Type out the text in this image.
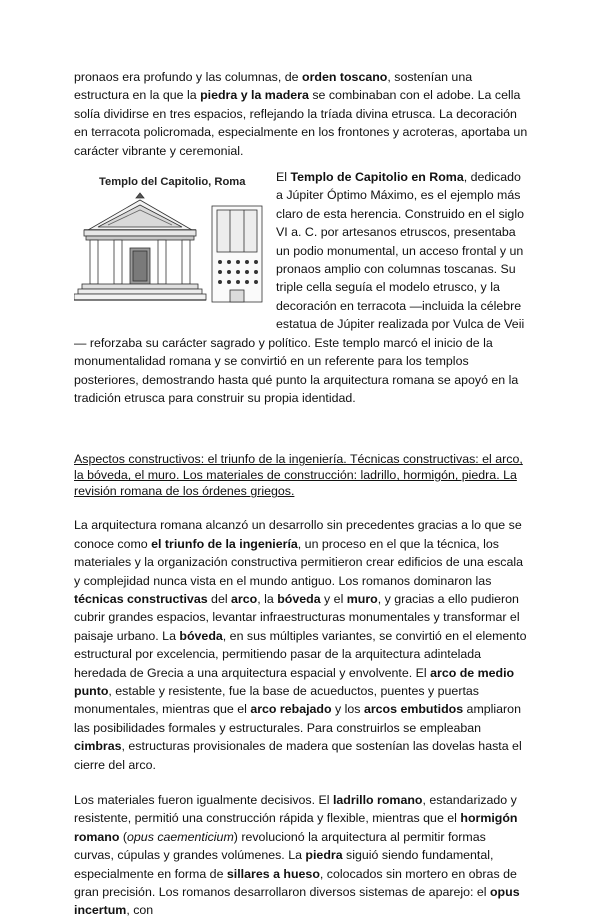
pronaos era profundo y las columnas, de orden toscano, sostenían una estructura en la que la piedra y la madera se combinaban con el adobe. La cella solía dividirse en tres espacios, reflejando la tríada divina etrusca. La decoración en terracota policromada, especialmente en los frontones y acroteras, aportaba un carácter vibrante y ceremonial.

Templo del Capitolio, Roma	El Templo de Capitolio en Roma, dedicado a Júpiter Óptimo Máximo, es el ejemplo más claro de esta herencia. Construido en el siglo VI a. C. por artesanos etruscos, presentaba un podio monumental, un acceso frontal y un pronaos amplio con columnas toscanas. Su triple cella seguía el modelo etrusco, y la decoración en terracota —incluida la célebre estatua de Júpiter realizada por Vulca de Veii— reforzaba su carácter sagrado y político. Este templo marcó el inicio de la monumentalidad romana y se convirtió en un referente para los templos posteriores, demostrando hasta qué punto la arquitectura romana se apoyó en la tradición etrusca para construir su propia identidad.

Aspectos constructivos: el triunfo de la ingeniería. Técnicas constructivas: el arco, la bóveda, el muro. Los materiales de construcción: ladrillo, hormigón, piedra. La revisión romana de los órdenes griegos.

La arquitectura romana alcanzó un desarrollo sin precedentes gracias a lo que se conoce como el triunfo de la ingeniería, un proceso en el que la técnica, los materiales y la organización constructiva permitieron crear edificios de una escala y complejidad nunca vista en el mundo antiguo. Los romanos dominaron las técnicas constructivas del arco, la bóveda y el muro, y gracias a ello pudieron cubrir grandes espacios, levantar infraestructuras monumentales y transformar el paisaje urbano. La bóveda, en sus múltiples variantes, se convirtió en el elemento estructural por excelencia, permitiendo pasar de la arquitectura adintelada heredada de Grecia a una arquitectura espacial y envolvente. El arco de medio punto, estable y resistente, fue la base de acueductos, puentes y puertas monumentales, mientras que el arco rebajado y los arcos embutidos ampliaron las posibilidades formales y estructurales. Para construirlos se empleaban cimbras, estructuras provisionales de madera que sostenían las dovelas hasta el cierre del arco.

Los materiales fueron igualmente decisivos. El ladrillo romano, estandarizado y resistente, permitió una construcción rápida y flexible, mientras que el hormigón romano (opus caementicium) revolucionó la arquitectura al permitir formas curvas, cúpulas y grandes volúmenes. La piedra siguió siendo fundamental, especialmente en forma de sillares a hueso, colocados sin mortero en obras de gran precisión. Los romanos desarrollaron diversos sistemas de aparejo: el opus incertum, con
